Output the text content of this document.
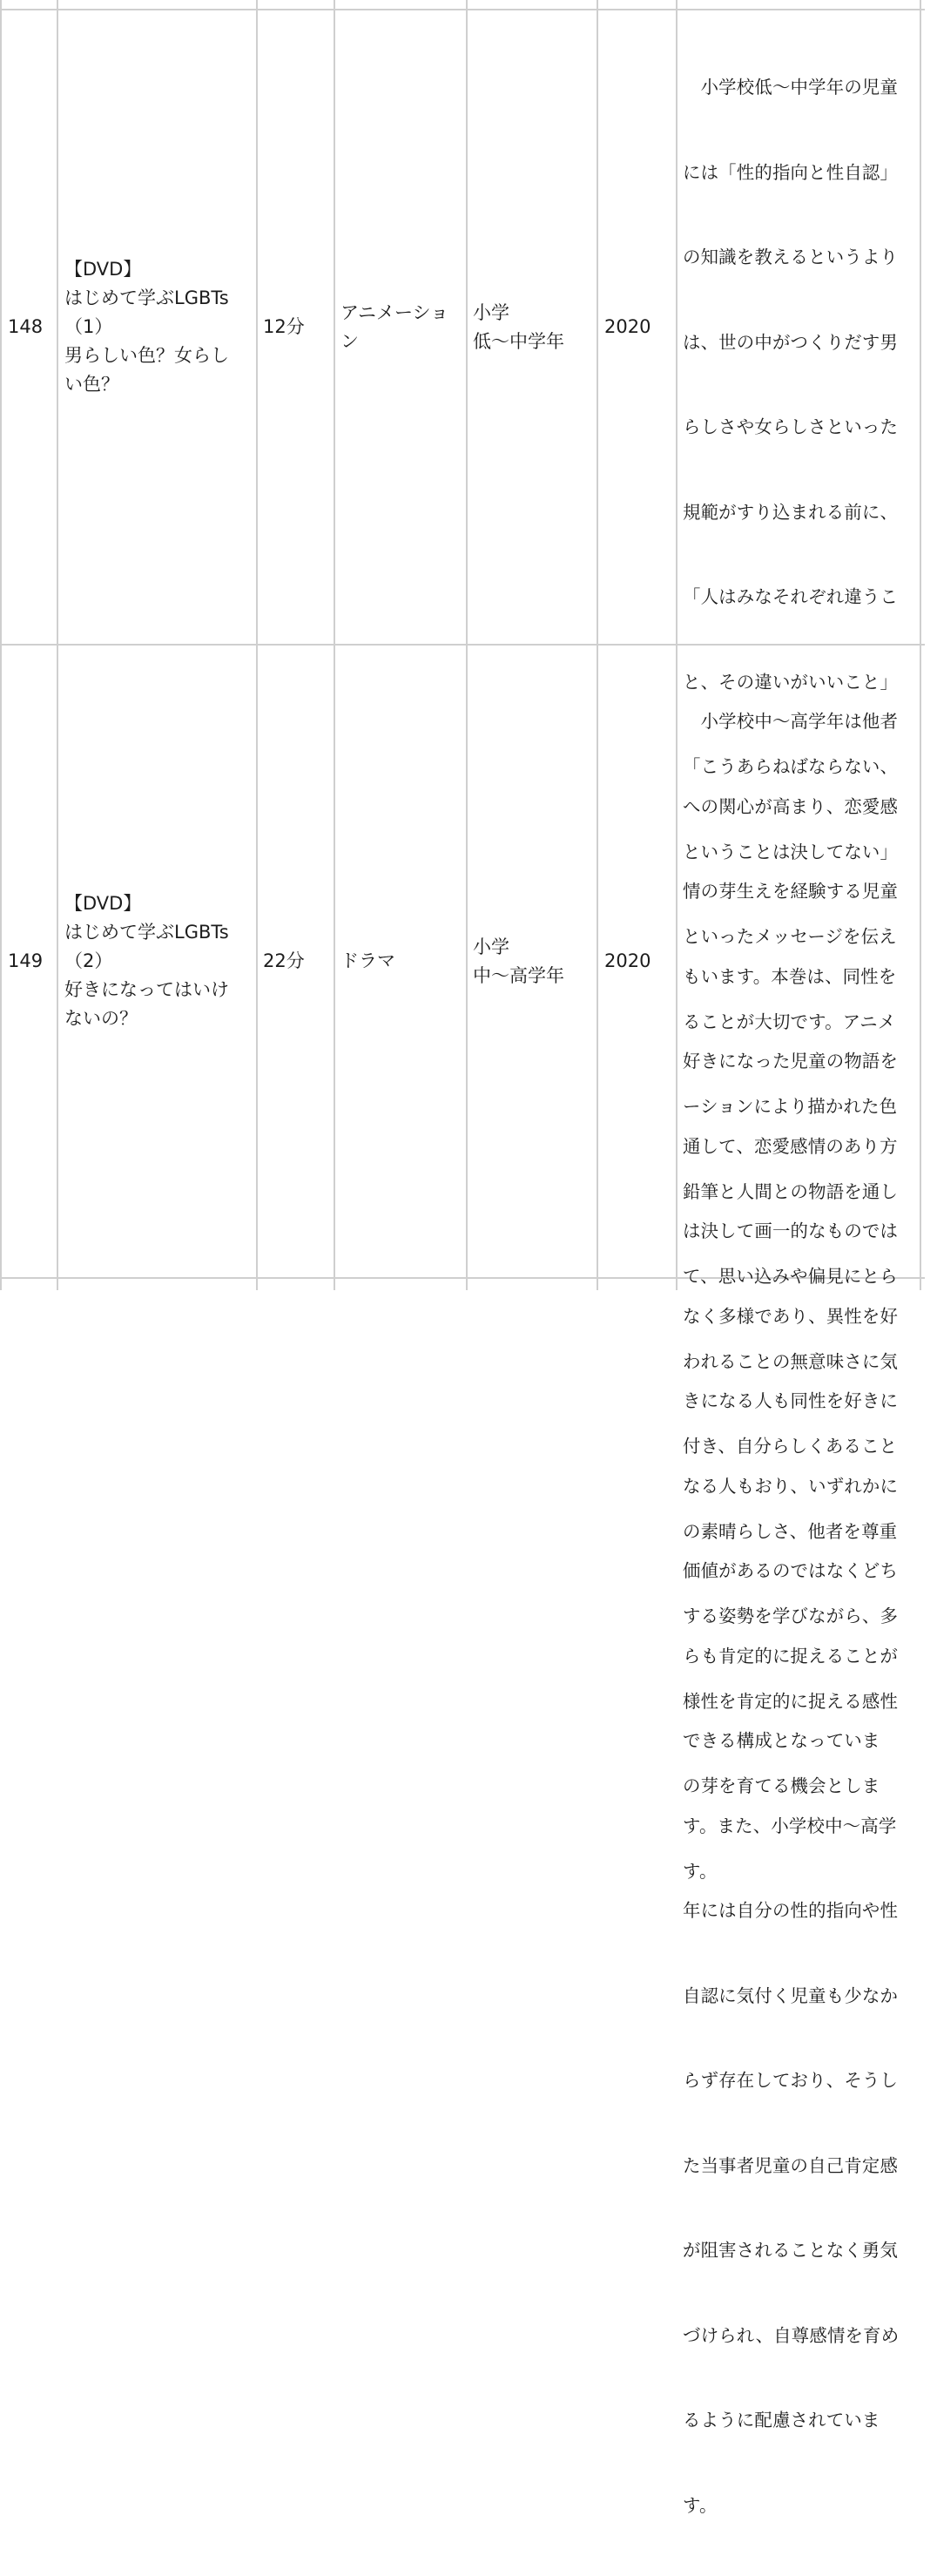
148
【DVD】
はじめて学ぶLGBTs
（1）
男らしい色？女らし
い色？
12分
アニメーショ
ン
小学
低〜中学年
2020

　小学校低〜中学年の児童

には「性的指向と性自認」

の知識を教えるというより

は、世の中がつくりだす男

らしさや女らしさといった

規範がすり込まれる前に、

「人はみなそれぞれ違うこ

と、その違いがいいこと」

「こうあらねばならない、

ということは決してない」

といったメッセージを伝え

ることが大切です。アニメ

ーションにより描かれた色

鉛筆と人間との物語を通し

て、思い込みや偏見にとら

われることの無意味さに気

付き、自分らしくあること

の素晴らしさ、他者を尊重

する姿勢を学びながら、多

様性を肯定的に捉える感性

の芽を育てる機会としま

す。

149
【DVD】
はじめて学ぶLGBTs
（2）
好きになってはいけ
ないの？
22分	ドラマ
小学
中〜高学年
2020

　小学校中〜高学年は他者

への関心が高まり、恋愛感

情の芽生えを経験する児童

もいます。本巻は、同性を

好きになった児童の物語を

通して、恋愛感情のあり方

は決して画一的なものでは

なく多様であり、異性を好

きになる人も同性を好きに

なる人もおり、いずれかに

価値があるのではなくどち

らも肯定的に捉えることが

できる構成となっていま

す。また、小学校中〜高学

年には自分の性的指向や性

自認に気付く児童も少なか

らず存在しており、そうし

た当事者児童の自己肯定感

が阻害されることなく勇気

づけられ、自尊感情を育め

るように配慮されていま

す。
